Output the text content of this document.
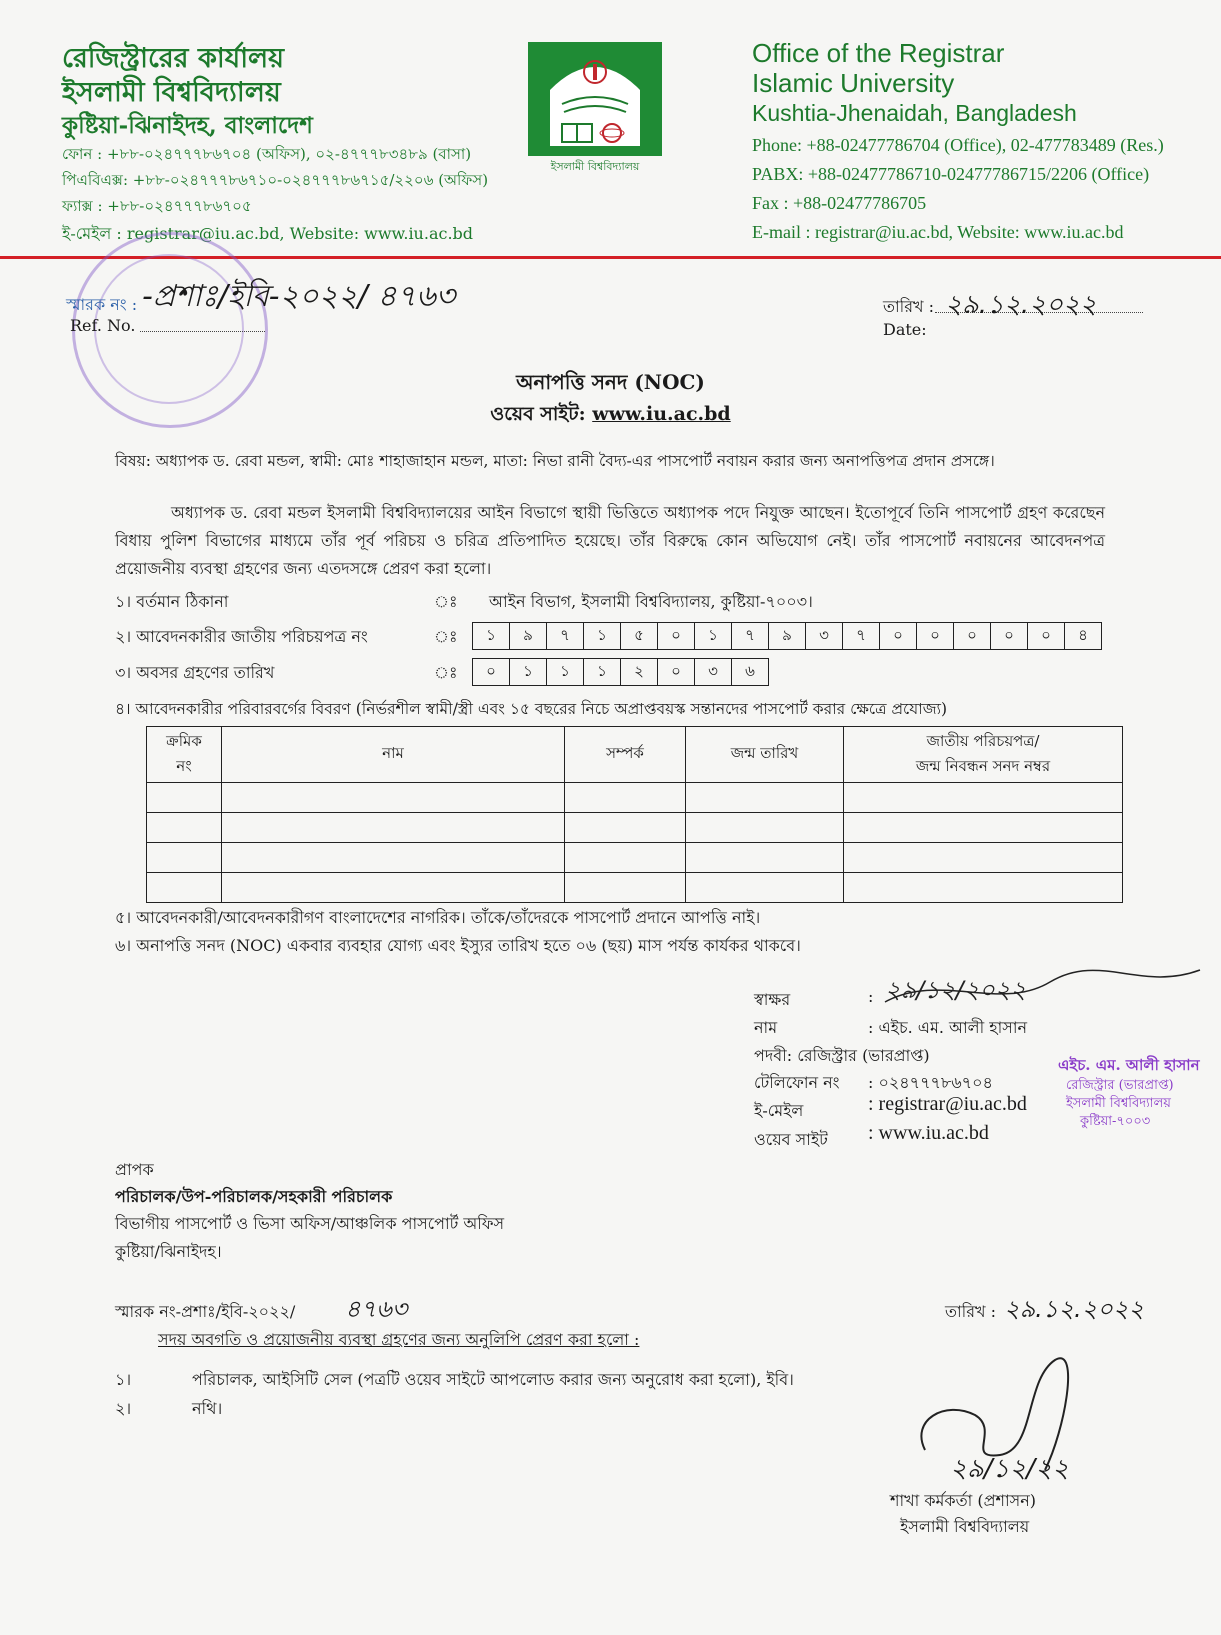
রেজিস্ট্রারের কার্যালয়
ইসলামী বিশ্ববিদ্যালয়
কুষ্টিয়া-ঝিনাইদহ, বাংলাদেশ
ফোন : +৮৮-০২৪৭৭৭৮৬৭০৪ (অফিস), ০২-৪৭৭৭৮৩৪৮৯ (বাসা)
পিএবিএক্স: +৮৮-০২৪৭৭৭৮৬৭১০-০২৪৭৭৭৮৬৭১৫/২২০৬ (অফিস)
ফ্যাক্স : +৮৮-০২৪৭৭৭৮৬৭০৫
ই-মেইল : registrar@iu.ac.bd, Website: www.iu.ac.bd
ইসলামী বিশ্ববিদ্যালয়
Office of the Registrar
Islamic University
Kushtia-Jhenaidah, Bangladesh
Phone: +88-02477786704 (Office), 02-477783489 (Res.)
PABX: +88-02477786710-02477786715/2206 (Office)
Fax : +88-02477786705
E-mail : registrar@iu.ac.bd, Website: www.iu.ac.bd
স্মারক নং :
Ref. No.
-প্রশাঃ/ইবি-২০২২/ ৪৭৬৩	তারিখ :
Date:
২৯.১২.২০২২
অনাপত্তি সনদ (NOC)
ওয়েব সাইট: www.iu.ac.bd
বিষয়: অধ্যাপক ড. রেবা মন্ডল, স্বামী: মোঃ শাহাজাহান মন্ডল, মাতা: নিভা রানী বৈদ্য-এর পাসপোর্ট নবায়ন করার জন্য অনাপত্তিপত্র প্রদান প্রসঙ্গে।
অধ্যাপক ড. রেবা মন্ডল ইসলামী বিশ্ববিদ্যালয়ের আইন বিভাগে স্থায়ী ভিত্তিতে অধ্যাপক পদে নিযুক্ত আছেন। ইতোপূর্বে তিনি পাসপোর্ট গ্রহণ করেছেন বিধায় পুলিশ বিভাগের মাধ্যমে তাঁর পূর্ব পরিচয় ও চরিত্র প্রতিপাদিত হয়েছে। তাঁর বিরুদ্ধে কোন অভিযোগ নেই। তাঁর পাসপোর্ট নবায়নের আবেদনপত্র প্রয়োজনীয় ব্যবস্থা গ্রহণের জন্য এতদসঙ্গে প্রেরণ করা হলো।
১। বর্তমান ঠিকানা	ঃ আইন বিভাগ, ইসলামী বিশ্ববিদ্যালয়, কুষ্টিয়া-৭০০৩।
২। আবেদনকারীর জাতীয় পরিচয়পত্র নং	ঃ	১	৯	৭	১	৫	০	১	৭	৯	৩	৭	০	০	০	০	০	৪
৩। অবসর গ্রহণের তারিখ	ঃ	০	১	১	১	২	০	৩	৬
৪। আবেদনকারীর পরিবারবর্গের বিবরণ (নির্ভরশীল স্বামী/স্ত্রী এবং ১৫ বছরের নিচে অপ্রাপ্তবয়স্ক সন্তানদের পাসপোর্ট করার ক্ষেত্রে প্রযোজ্য)
ক্রমিক
নং	নাম	সম্পর্ক	জন্ম তারিখ	জাতীয় পরিচয়পত্র/
জন্ম নিবন্ধন সনদ নম্বর

৫। আবেদনকারী/আবেদনকারীগণ বাংলাদেশের নাগরিক। তাঁকে/তাঁদেরকে পাসপোর্ট প্রদানে আপত্তি নাই।
৬। অনাপত্তি সনদ (NOC) একবার ব্যবহার যোগ্য এবং ইস্যুর তারিখ হতে ০৬ (ছয়) মাস পর্যন্ত কার্যকর থাকবে।
স্বাক্ষর	: ২৯/১২/২০২২
নাম	: এইচ. এম. আলী হাসান
পদবী: রেজিস্ট্রার (ভারপ্রাপ্ত)
টেলিফোন নং : ০২৪৭৭৭৮৬৭০৪
ই-মেইল	: registrar@iu.ac.bd
ওয়েব সাইট : www.iu.ac.bd
এইচ. এম. আলী হাসান
রেজিস্ট্রার (ভারপ্রাপ্ত)
ইসলামী বিশ্ববিদ্যালয়
কুষ্টিয়া-৭০০৩
প্রাপক
পরিচালক/উপ-পরিচালক/সহকারী পরিচালক
বিভাগীয় পাসপোর্ট ও ভিসা অফিস/আঞ্চলিক পাসপোর্ট অফিস
কুষ্টিয়া/ঝিনাইদহ।
স্মারক নং-প্রশাঃ/ইবি-২০২২/ ৪৭৬৩	তারিখ : ২৯.১২.২০২২
সদয় অবগতি ও প্রয়োজনীয় ব্যবস্থা গ্রহণের জন্য অনুলিপি প্রেরণ করা হলো :
১।	পরিচালক, আইসিটি সেল (পত্রটি ওয়েব সাইটে আপলোড করার জন্য অনুরোধ করা হলো), ইবি।
২।	নথি।
২৯/১২/২২
শাখা কর্মকর্তা (প্রশাসন)
ইসলামী বিশ্ববিদ্যালয়
